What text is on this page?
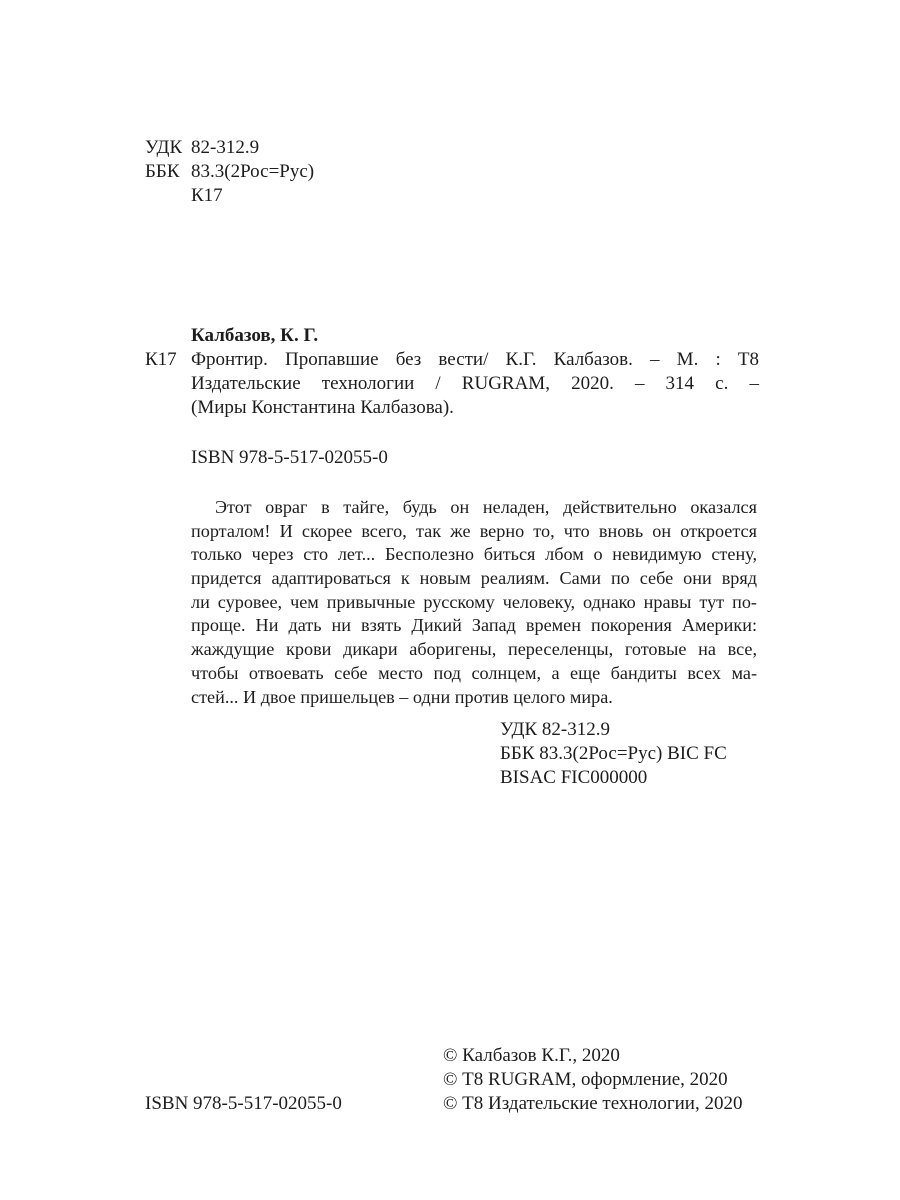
УДК 82-312.9
ББК 83.3(2Рос=Рус)
К17
Калбазов, К. Г.
К17 Фронтир. Пропавшие без вести/ К.Г. Калбазов. – М. : Т8
Издательские технологии / RUGRAM, 2020. – 314 с. –
(Миры Константина Калбазова).
ISBN 978-5-517-02055-0
Этот овраг в тайге, будь он неладен, действительно оказался
порталом! И скорее всего, так же верно то, что вновь он откроется
только через сто лет... Бесполезно биться лбом о невидимую стену,
придется адаптироваться к новым реалиям. Сами по себе они вряд
ли суровее, чем привычные русскому человеку, однако нравы тут по-
проще. Ни дать ни взять Дикий Запад времен покорения Америки:
жаждущие крови дикари аборигены, переселенцы, готовые на все,
чтобы отвоевать себе место под солнцем, а еще бандиты всех ма-
стей... И двое пришельцев – одни против целого мира.
УДК 82-312.9
ББК 83.3(2Рос=Рус) BIC FC
BISAC FIC000000
© Калбазов К.Г., 2020
© Т8 RUGRAM, оформление, 2020
© Т8 Издательские технологии, 2020
ISBN 978-5-517-02055-0
